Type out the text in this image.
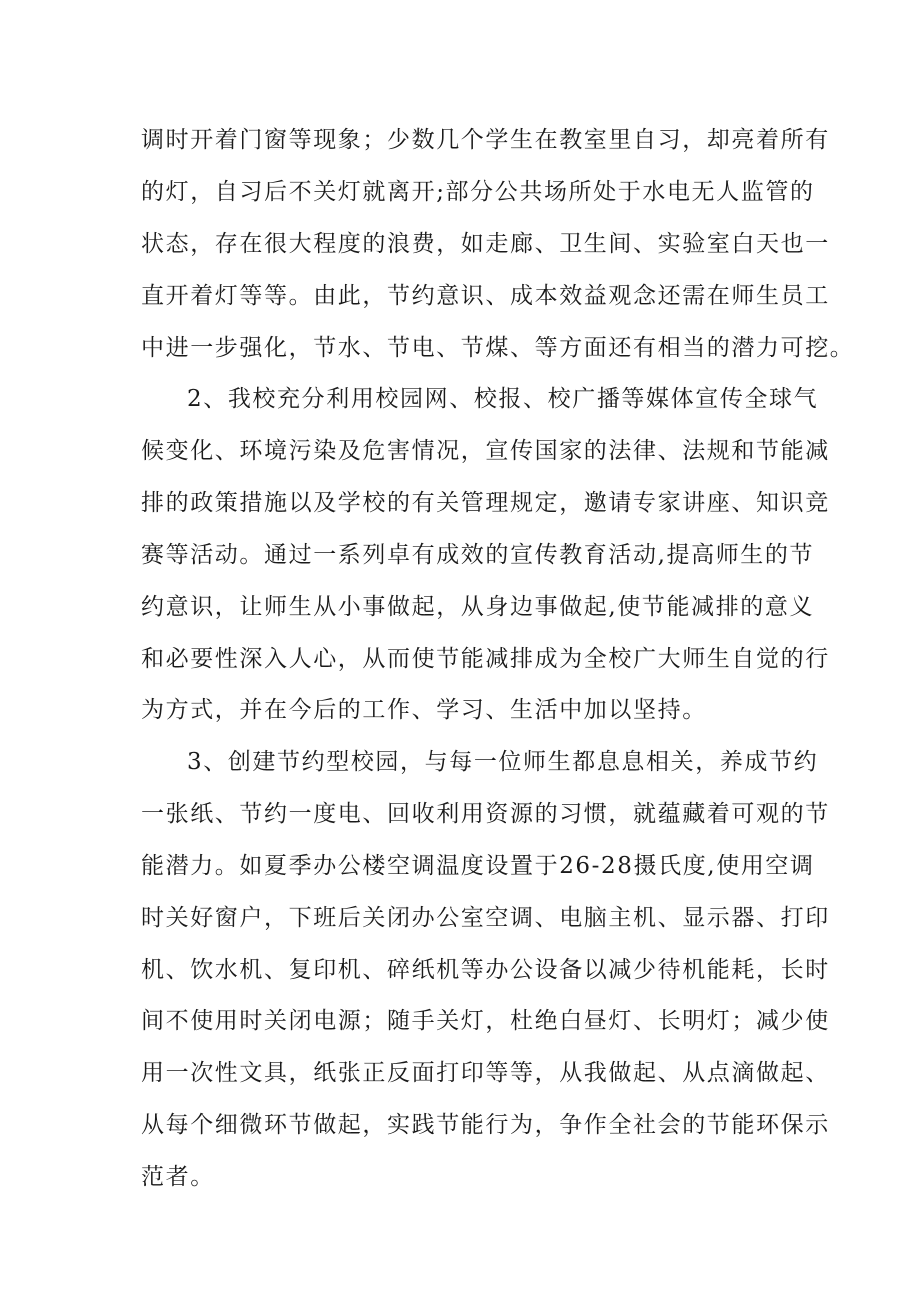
调时开着门窗等现象；少数几个学生在教室里自习，却亮着所有
的灯，自习后不关灯就离开;部分公共场所处于水电无人监管的
状态，存在很大程度的浪费，如走廊、卫生间、实验室白天也一
直开着灯等等。由此，节约意识、成本效益观念还需在师生员工
中进一步强化，节水、节电、节煤、等方面还有相当的潜力可挖。
2、我校充分利用校园网、校报、校广播等媒体宣传全球气
候变化、环境污染及危害情况，宣传国家的法律、法规和节能减
排的政策措施以及学校的有关管理规定，邀请专家讲座、知识竞
赛等活动。通过一系列卓有成效的宣传教育活动,提高师生的节
约意识，让师生从小事做起，从身边事做起,使节能减排的意义
和必要性深入人心，从而使节能减排成为全校广大师生自觉的行
为方式，并在今后的工作、学习、生活中加以坚持。
3、创建节约型校园，与每一位师生都息息相关，养成节约
一张纸、节约一度电、回收利用资源的习惯，就蕴藏着可观的节
能潜力。如夏季办公楼空调温度设置于26-28摄氏度,使用空调
时关好窗户，下班后关闭办公室空调、电脑主机、显示器、打印
机、饮水机、复印机、碎纸机等办公设备以减少待机能耗，长时
间不使用时关闭电源；随手关灯，杜绝白昼灯、长明灯；减少使
用一次性文具，纸张正反面打印等等，从我做起、从点滴做起、
从每个细微环节做起，实践节能行为，争作全社会的节能环保示
范者。
